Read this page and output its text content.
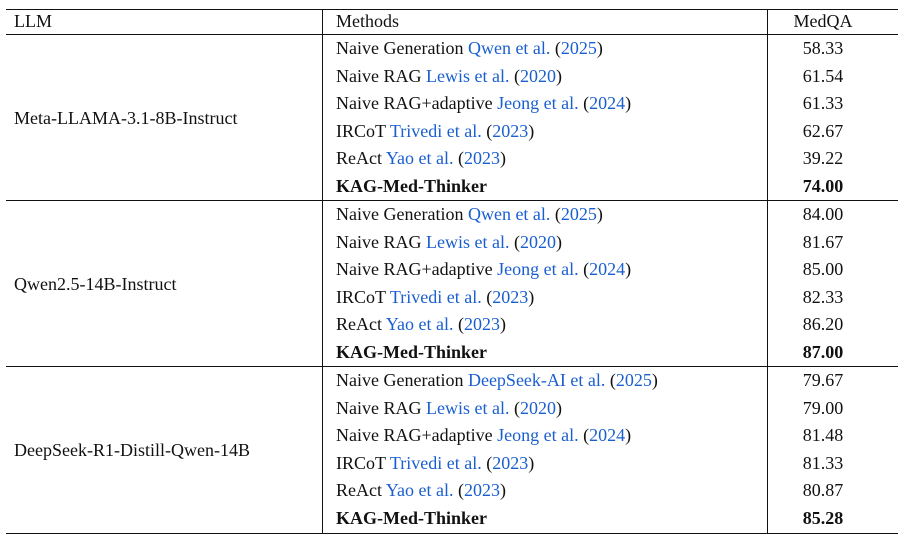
LLM	Methods	MedQA
Meta-LLAMA-3.1-8B-Instruct
Naive Generation Qwen et al. (2025)	58.33
Naive RAG Lewis et al. (2020)	61.54
Naive RAG+adaptive Jeong et al. (2024)	61.33
IRCoT Trivedi et al. (2023)	62.67
ReAct Yao et al. (2023)	39.22
KAG-Med-Thinker	74.00
Qwen2.5-14B-Instruct
Naive Generation Qwen et al. (2025)	84.00
Naive RAG Lewis et al. (2020)	81.67
Naive RAG+adaptive Jeong et al. (2024)	85.00
IRCoT Trivedi et al. (2023)	82.33
ReAct Yao et al. (2023)	86.20
KAG-Med-Thinker	87.00
DeepSeek-R1-Distill-Qwen-14B
Naive Generation DeepSeek-AI et al. (2025)	79.67
Naive RAG Lewis et al. (2020)	79.00
Naive RAG+adaptive Jeong et al. (2024)	81.48
IRCoT Trivedi et al. (2023)	81.33
ReAct Yao et al. (2023)	80.87
KAG-Med-Thinker	85.28
